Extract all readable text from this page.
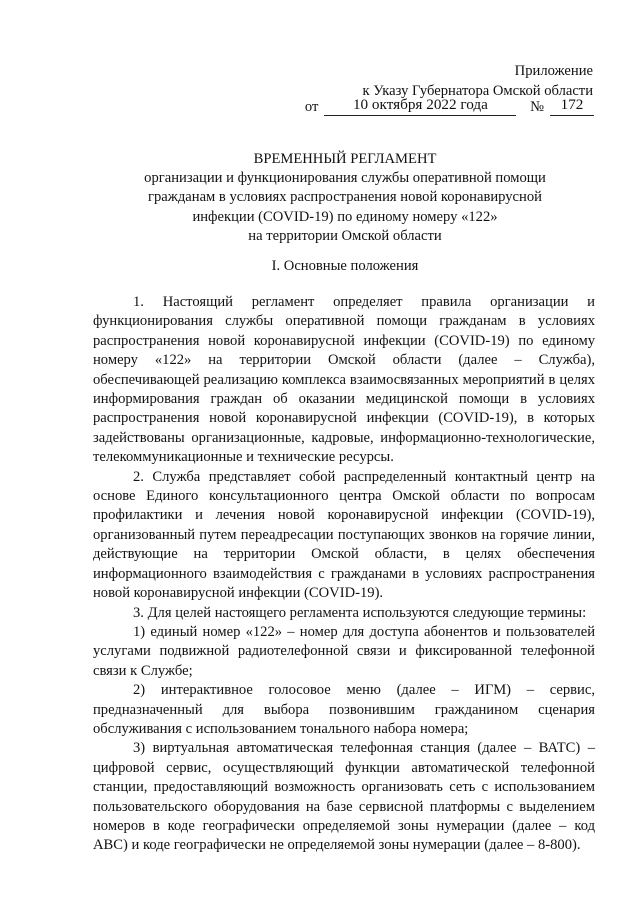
Приложение
к Указу Губернатора Омской области
от 10 октября 2022 года	№ 172
ВРЕМЕННЫЙ РЕГЛАМЕНТ
организации и функционирования службы оперативной помощи
гражданам в условиях распространения новой коронавирусной
инфекции (COVID-19) по единому номеру «122»
на территории Омской области
I. Основные положения

1. Настоящий регламент определяет правила организации и функционирования службы оперативной помощи гражданам в условиях распространения новой коронавирусной инфекции (COVID-19) по единому номеру «122» на территории Омской области (далее – Служба), обеспечивающей реализацию комплекса взаимосвязанных мероприятий в целях информирования граждан об оказании медицинской помощи в условиях распространения новой коронавирусной инфекции (COVID-19), в которых задействованы организационные, кадровые, информационно-технологические, телекоммуникационные и технические ресурсы.

2. Служба представляет собой распределенный контактный центр на основе Единого консультационного центра Омской области по вопросам профилактики и лечения новой коронавирусной инфекции (COVID-19), организованный путем переадресации поступающих звонков на горячие линии, действующие на территории Омской области, в целях обеспечения информационного взаимодействия с гражданами в условиях распространения новой коронавирусной инфекции (COVID-19).

3. Для целей настоящего регламента используются следующие термины:

1) единый номер «122» – номер для доступа абонентов и пользователей услугами подвижной радиотелефонной связи и фиксированной телефонной связи к Службе;

2) интерактивное голосовое меню (далее – ИГМ) – сервис, предназначенный для выбора позвонившим гражданином сценария обслуживания с использованием тонального набора номера;

3) виртуальная автоматическая телефонная станция (далее – ВАТС) – цифровой сервис, осуществляющий функции автоматической телефонной станции, предоставляющий возможность организовать сеть с использованием пользовательского оборудования на базе сервисной платформы с выделением номеров в коде географически определяемой зоны нумерации (далее – код ABC) и коде географически не определяемой зоны нумерации (далее – 8-800).
